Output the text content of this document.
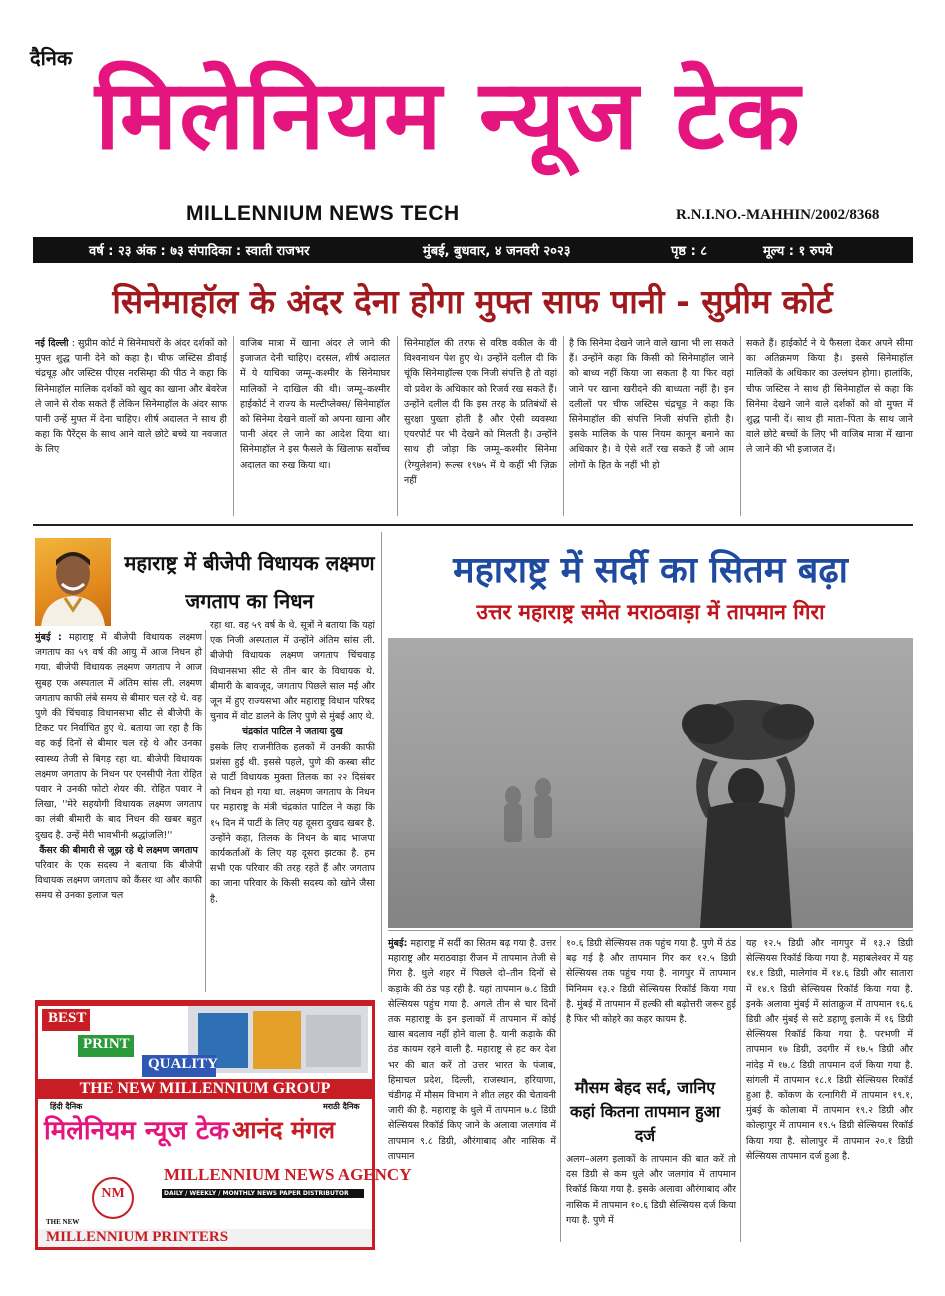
दैनिक
मिलेनियम न्यूज टेक
MILLENNIUM NEWS TECH	R.N.I.NO.-MAHHIN/2002/8368
वर्ष : २३ अंक : ७३ संपादिका : स्वाती राजभर	मुंबई, बुधवार, ४ जनवरी २०२३	पृष्ठ : ८	मूल्य : १ रुपये
सिनेमाहॉल के अंदर देना होगा मुफ्त साफ पानी - सुप्रीम कोर्ट
नई दिल्ली : सुप्रीम कोर्ट मे सिनेमाघरों के अंदर दर्शकों को मुफ्त शुद्ध पानी देने को कहा है। चीफ जस्टिस डीवाई चंद्रचूड़ और जस्टिस पीएस नरसिम्हा की पीठ ने कहा कि सिनेमाहॉल मालिक दर्शकों को खुद का खाना और बेवरेज ले जाने से रोक सकते हैं लेकिन सिनेमाहॉल के अंदर साफ पानी उन्हें मुफ्त में देना चाहिए। शीर्ष अदालत ने साथ ही कहा कि पैरेंट्स के साथ आने वाले छोटे बच्चे या नवजात के लिए
वाजिब मात्रा में खाना अंदर ले जाने की इजाजत देनी चाहिए। दरसल, शीर्ष अदालत में ये याचिका जम्मू–कश्मीर के सिनेमाघर मालिकों ने दाखिल की थी। जम्मू–कश्मीर हाईकोर्ट ने राज्य के मल्टीप्लेक्स/ सिनेमाहॉल को सिनेमा देखने वालों को अपना खाना और पानी अंदर ले जाने का आदेश दिया था। सिनेमाहॉल ने इस फैसले के खिलाफ सर्वोच्च अदालत का रुख किया था।
सिनेमाहॉल की तरफ से वरिष्ठ वकील के वी विश्वनाथन पेश हुए थे। उन्होंने दलील दी कि चूंकि सिनेमाहॉल्स एक निजी संपत्ति है तो वहां वो प्रवेश के अधिकार को रिजर्व रख सकते हैं। उन्होंने दलील दी कि इस तरह के प्रतिबंधों से सुरक्षा पुख्ता होती है और ऐसी व्यवस्था एयरपोर्ट पर भी देखने को मिलती है। उन्होंने साथ ही जोड़ा कि जम्मू–कश्मीर सिनेमा (रेग्युलेशन) रूल्स १९७५ में ये कहीं भी ज़िक्र नहीं
है कि सिनेमा देखने जाने वाले खाना भी ला सकते हैं। उन्होंने कहा कि किसी को सिनेमाहॉल जाने को बाध्य नहीं किया जा सकता है या फिर वहां जाने पर खाना खरीदने की बाध्यता नहीं है। इन दलीलों पर चीफ जस्टिस चंद्रचूड़ ने कहा कि सिनेमाहॉल की संपत्ति निजी संपत्ति होती है। इसके मालिक के पास नियम कानून बनाने का अधिकार है। वे ऐसे शर्तें रख सकते हैं जो आम लोगों के हित के नहीं भी हो
सकते हैं। हाईकोर्ट ने ये फैसला देकर अपने सीमा का अतिक्रमण किया है। इससे सिनेमाहॉल मालिकों के अधिकार का उल्लंघन होगा। हालांकि, चीफ जस्टिस ने साथ ही सिनेमाहॉल से कहा कि सिनेमा देखने जाने वाले दर्शकों को वो मुफ्त में शुद्ध पानी दें। साथ ही माता–पिता के साथ जाने वाले छोटे बच्चों के लिए भी वाजिब मात्रा में खाना ले जाने की भी इजाजत दें।
महाराष्ट्र में बीजेपी विधायक लक्ष्मण जगताप का निधन
मुंबई : महाराष्ट्र में बीजेपी विधायक लक्ष्मण जगताप का ५९ वर्ष की आयु में आज निधन हो गया. बीजेपी विधायक लक्ष्मण जगताप ने आज सुबह एक अस्पताल में अंतिम सांस ली. लक्ष्मण जगताप काफी लंबे समय से बीमार चल रहे थे. वह पुणे की चिंचवाड़ विधानसभा सीट से बीजेपी के टिकट पर निर्वाचित हुए थे. बताया जा रहा है कि वह कई दिनों से बीमार चल रहे थे और उनका स्वास्थ्य तेजी से बिगड़ रहा था. बीजेपी विधायक लक्ष्मण जगताप के निधन पर एनसीपी नेता रोहित पवार ने उनकी फोटो शेयर की. रोहित पवार ने लिखा, ''मेरे सहयोगी विधायक लक्ष्मण जगताप का लंबी बीमारी के बाद निधन की खबर बहुत दुखद है. उन्हें मेरी भावभीनी श्रद्धांजलि!''
कैंसर की बीमारी से जूझ रहे थे लक्ष्मण जगताप
परिवार के एक सदस्य ने बताया कि बीजेपी विधायक लक्ष्मण जगताप को कैंसर था और काफी समय से उनका इलाज चल
रहा था. वह ५९ वर्ष के थे. सूत्रों ने बताया कि यहां एक निजी अस्पताल में उन्होंने अंतिम सांस ली. बीजेपी विधायक लक्ष्मण जगताप चिंचवाड़ विधानसभा सीट से तीन बार के विधायक थे. बीमारी के बावजूद, जगताप पिछले साल मई और जून में हुए राज्यसभा और महाराष्ट्र विधान परिषद चुनाव में वोट डालने के लिए पुणे से मुंबई आए थे.
चंद्रकांत पाटिल ने जताया दुख
इसके लिए राजनीतिक हलकों में उनकी काफी प्रशंसा हुई थी. इससे पहले, पुणे की कस्बा सीट से पार्टी विधायक मुक्ता तिलक का २२ दिसंबर को निधन हो गया था. लक्ष्मण जगताप के निधन पर महाराष्ट्र के मंत्री चंद्रकांत पाटिल ने कहा कि १५ दिन में पार्टी के लिए यह दूसरा दुखद खबर है. उन्होंने कहा, तिलक के निधन के बाद भाजपा कार्यकर्ताओं के लिए यह दूसरा झटका है. हम सभी एक परिवार की तरह रहते हैं और जगताप का जाना परिवार के किसी सदस्य को खोने जैसा है.
BEST
PRINT
QUALITY
THE NEW MILLENNIUM GROUP
हिंदी दैनिक	मराठी दैनिक
मिलेनियम न्यूज टेक आनंद मंगल
MILLENNIUM NEWS AGENCY
DAILY / WEEKLY / MONTHLY NEWS PAPER DISTRIBUTOR
NM
THE NEW
MILLENNIUM PRINTERS
महाराष्ट्र में सर्दी का सितम बढ़ा
उत्तर महाराष्ट्र समेत मराठवाड़ा में तापमान गिरा
मुंबई: महाराष्ट्र में सर्दी का सितम बढ़ गया है. उत्तर महाराष्ट्र और मराठवाड़ा रीजन में तापमान तेजी से गिरा है. धुले शहर में पिछले दो–तीन दिनों से कड़ाके की ठंड पड़ रही है. यहां तापमान ७.८ डिग्री सेल्सियस पहुंच गया है. अगले तीन से चार दिनों तक महाराष्ट्र के इन इलाकों में तापमान में कोई खास बदलाव नहीं होने वाला है. यानी कड़ाके की ठंड कायम रहने वाली है. महाराष्ट्र से हट कर देश भर की बात करें तो उत्तर भारत के पंजाब, हिमाचल प्रदेश, दिल्ली, राजस्थान, हरियाणा, चंडीगढ़ में मौसम विभाग ने शीत लहर की चेतावनी जारी की है. महाराष्ट्र के धुले में तापमान ७.८ डिग्री सेल्सियस रिकॉर्ड किए जाने के अलावा जलगांव में तापमान ९.८ डिग्री, औरंगाबाद और नासिक में तापमान
१०.६ डिग्री सेल्सियस तक पहुंच गया है. पुणे में ठंड बढ़ गई है और तापमान गिर कर १२.५ डिग्री सेल्सियस तक पहुंच गया है. नागपुर में तापमान मिनिमम १३.२ डिग्री सेल्सियस रिकॉर्ड किया गया है. मुंबई में तापमान में हल्की सी बढ़ोत्तरी जरूर हुई है फिर भी कोहरे का कहर कायम है.
मौसम बेहद सर्द, जानिए कहां कितना तापमान हुआ दर्ज
अलग–अलग इलाकों के तापमान की बात करें तो दस डिग्री से कम धुले और जलगांव में तापमान रिकॉर्ड किया गया है. इसके अलावा औरंगाबाद और नासिक में तापमान १०.६ डिग्री सेल्सियस दर्ज किया गया है. पुणे में
यह १२.५ डिग्री और नागपुर में १३.२ डिग्री सेल्सियस रिकॉर्ड किया गया है. महाबलेश्वर में यह १४.१ डिग्री, मालेगांव में १४.६ डिग्री और सातारा में १४.९ डिग्री सेल्सियस रिकॉर्ड किया गया है. इनके अलावा मुंबई में सांताक्रुज में तापमान १६.६ डिग्री और मुंबई से सटे डहाणू इलाके में १६ डिग्री सेल्सियस रिकॉर्ड किया गया है. परभणी में तापमान १७ डिग्री, उदगीर में १७.५ डिग्री और नांदेड़ में १७.८ डिग्री तापमान दर्ज किया गया है. सांगली में तापमान १८.१ डिग्री सेल्सियस रिकॉर्ड हुआ है. कोंकण के रत्नागिरी में तापमान १९.१, मुंबई के कोलाबा में तापमान १९.२ डिग्री और कोल्हापुर में तापमान १९.५ डिग्री सेल्सियस रिकॉर्ड किया गया है. सोलापुर में तापमान २०.१ डिग्री सेल्सियस तापमान दर्ज हुआ है.
